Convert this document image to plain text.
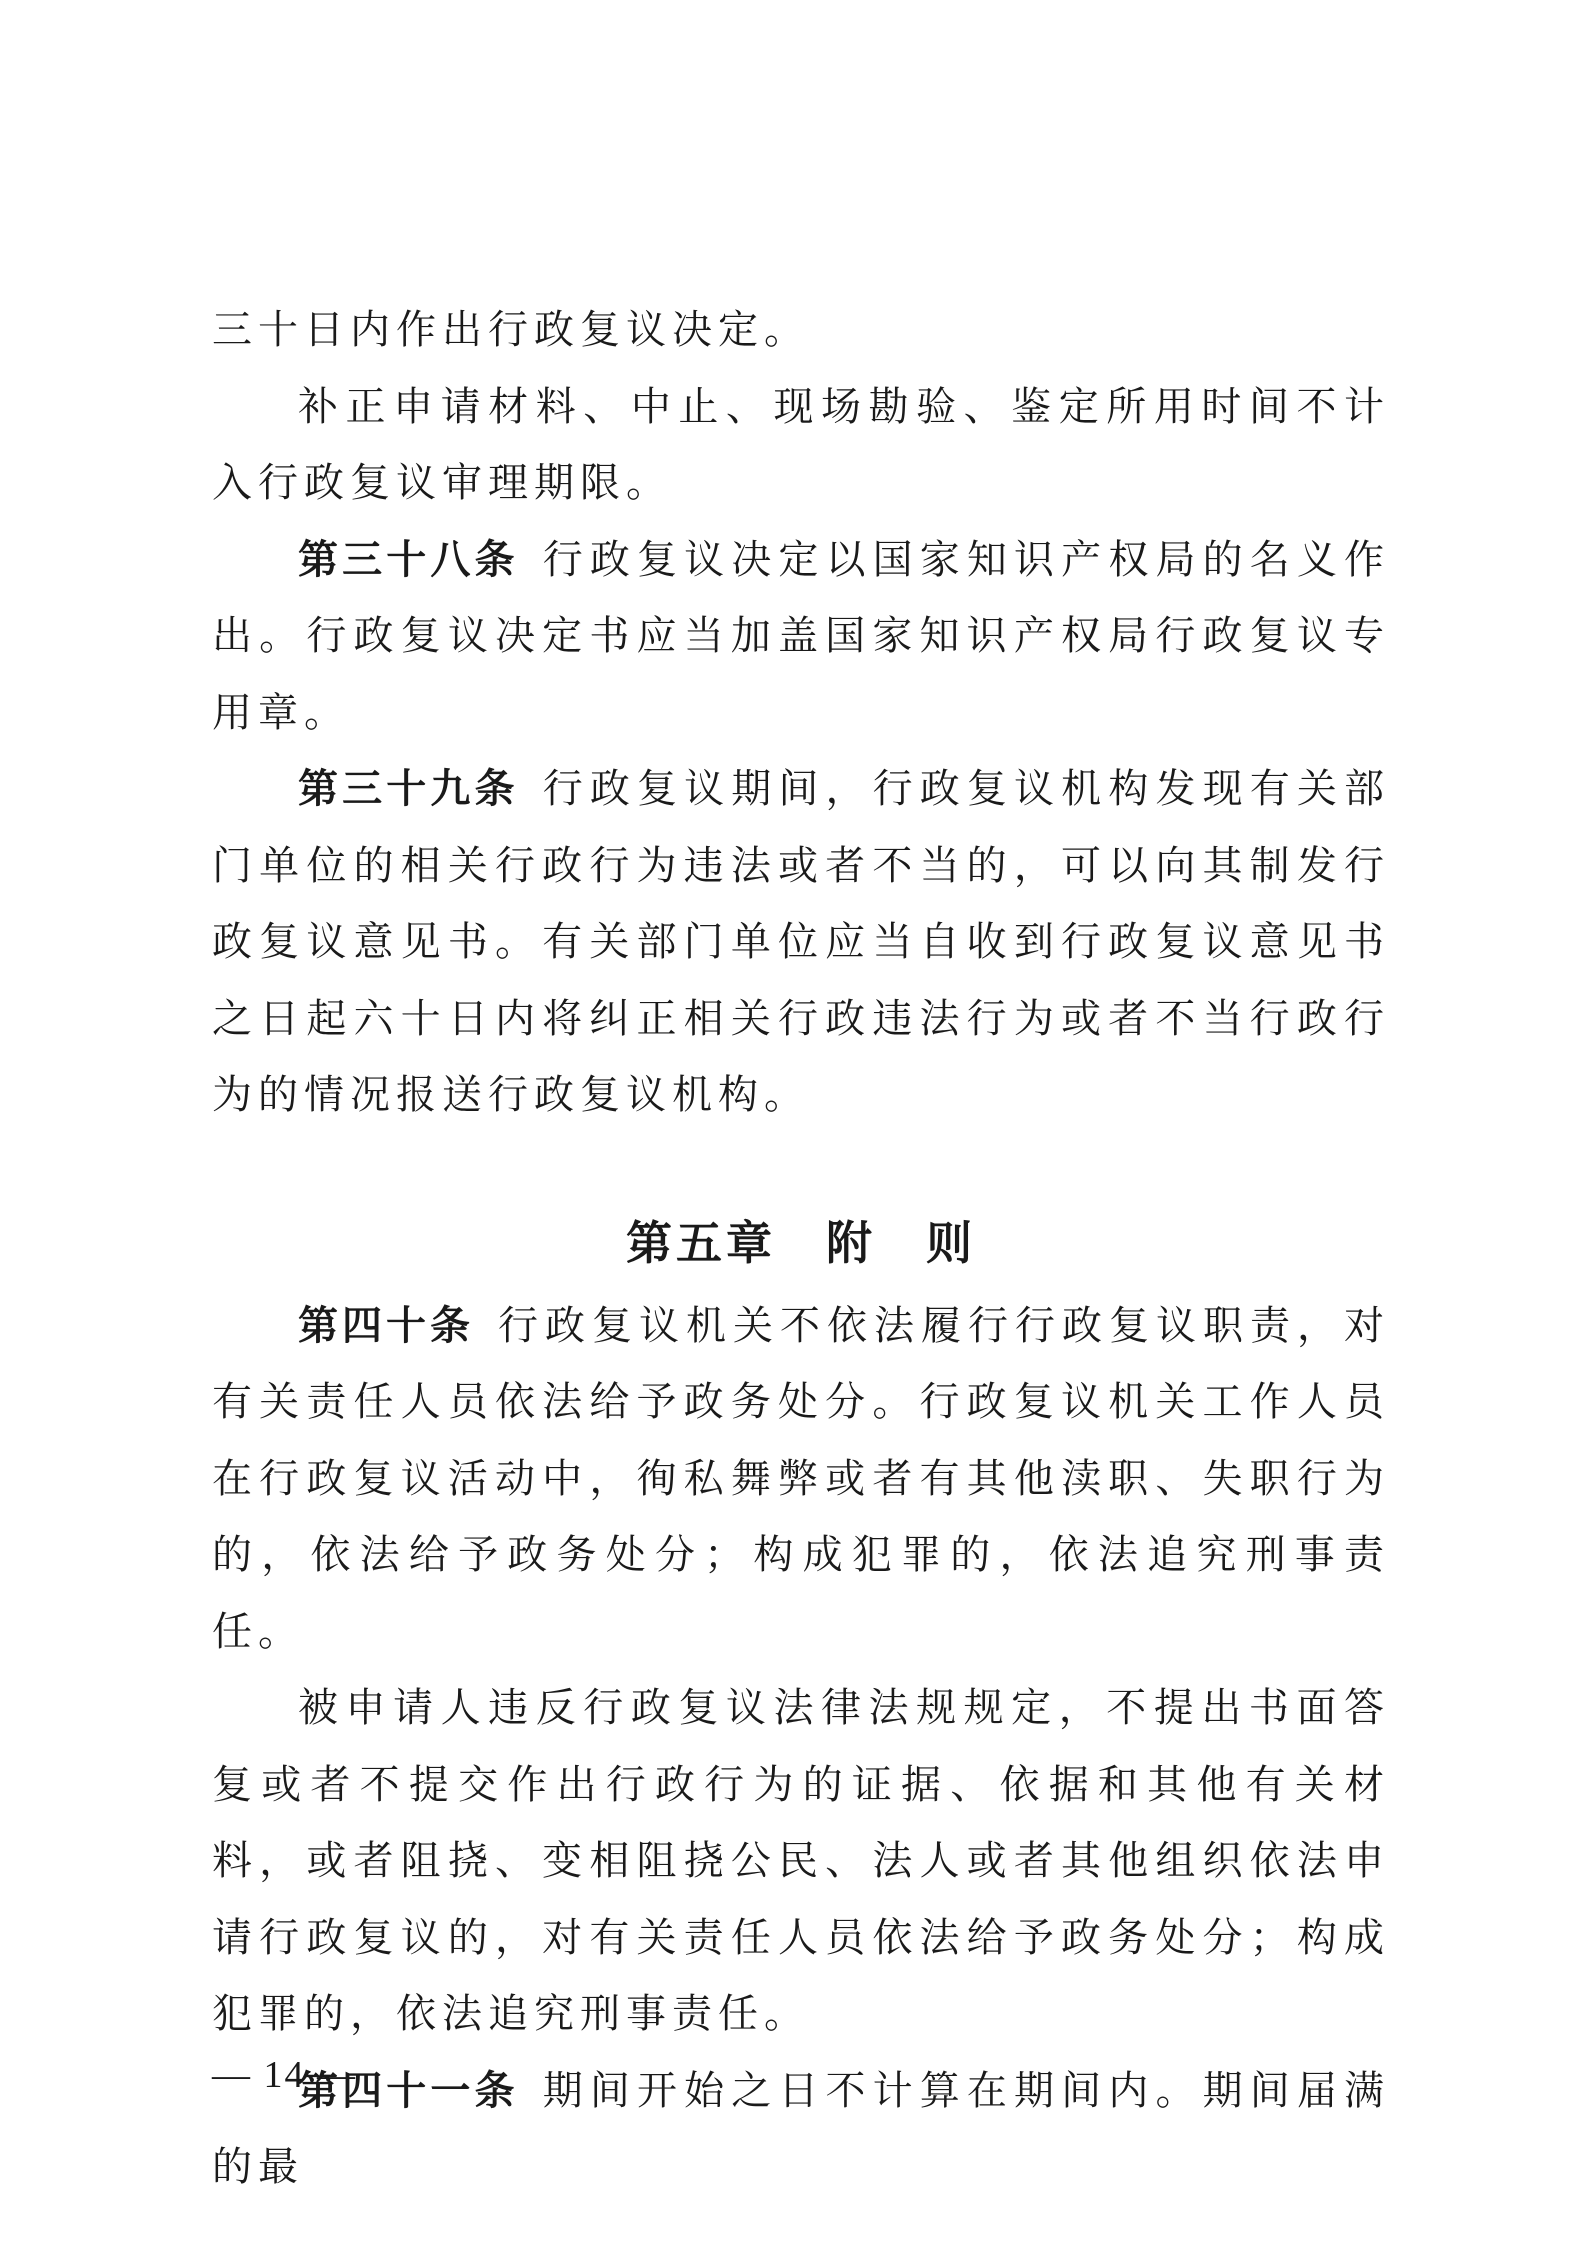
三十日内作出行政复议决定。

补正申请材料、中止、现场勘验、鉴定所用时间不计入行政复议审理期限。

第三十八条 行政复议决定以国家知识产权局的名义作出。行政复议决定书应当加盖国家知识产权局行政复议专用章。

第三十九条 行政复议期间，行政复议机构发现有关部门单位的相关行政行为违法或者不当的，可以向其制发行政复议意见书。有关部门单位应当自收到行政复议意见书之日起六十日内将纠正相关行政违法行为或者不当行政行为的情况报送行政复议机构。

第五章　附　则

第四十条 行政复议机关不依法履行行政复议职责，对有关责任人员依法给予政务处分。行政复议机关工作人员在行政复议活动中，徇私舞弊或者有其他渎职、失职行为的，依法给予政务处分；构成犯罪的，依法追究刑事责任。

被申请人违反行政复议法律法规规定，不提出书面答复或者不提交作出行政行为的证据、依据和其他有关材料，或者阻挠、变相阻挠公民、法人或者其他组织依法申请行政复议的，对有关责任人员依法给予政务处分；构成犯罪的，依法追究刑事责任。

第四十一条 期间开始之日不计算在期间内。期间届满的最

— 14 —
